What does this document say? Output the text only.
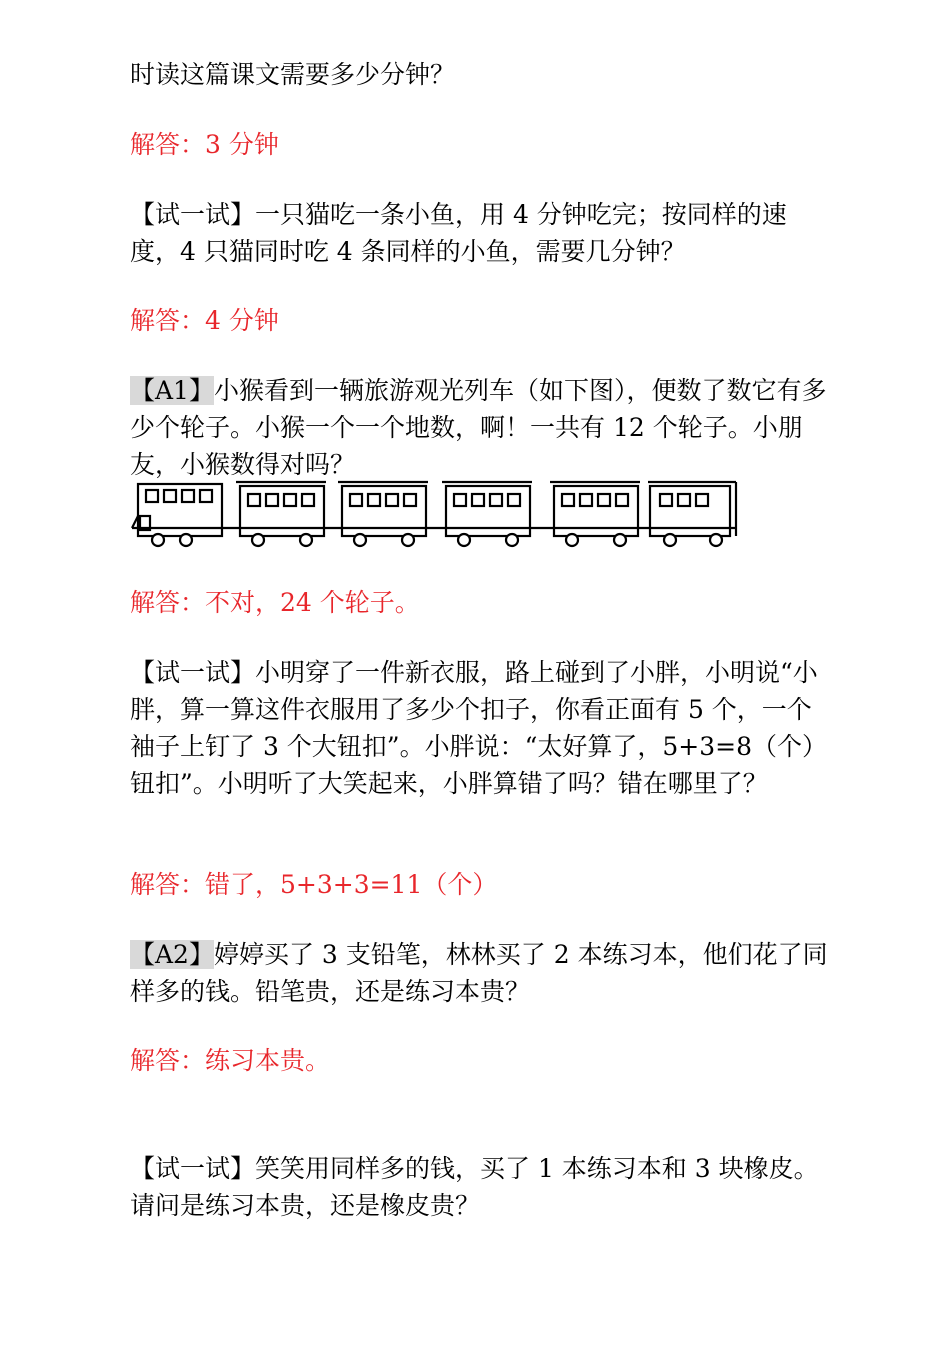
时读这篇课文需要多少分钟？

解答：3 分钟

【试一试】一只猫吃一条小鱼，用 4 分钟吃完；按同样的速度，4 只猫同时吃 4 条同样的小鱼，需要几分钟？

解答：4 分钟

【A1】小猴看到一辆旅游观光列车（如下图），便数了数它有多少个轮子。小猴一个一个地数，啊！一共有 12 个轮子。小朋友，小猴数得对吗？

解答：不对，24 个轮子。

【试一试】小明穿了一件新衣服，路上碰到了小胖，小明说“小胖，算一算这件衣服用了多少个扣子，你看正面有 5 个，一个袖子上钉了 3 个大钮扣”。小胖说：“太好算了，5+3=8（个）钮扣”。小明听了大笑起来，小胖算错了吗？错在哪里了？

解答：错了，5+3+3=11（个）

【A2】婷婷买了 3 支铅笔，林林买了 2 本练习本，他们花了同样多的钱。铅笔贵，还是练习本贵？

解答：练习本贵。

【试一试】笑笑用同样多的钱，买了 1 本练习本和 3 块橡皮。请问是练习本贵，还是橡皮贵？
